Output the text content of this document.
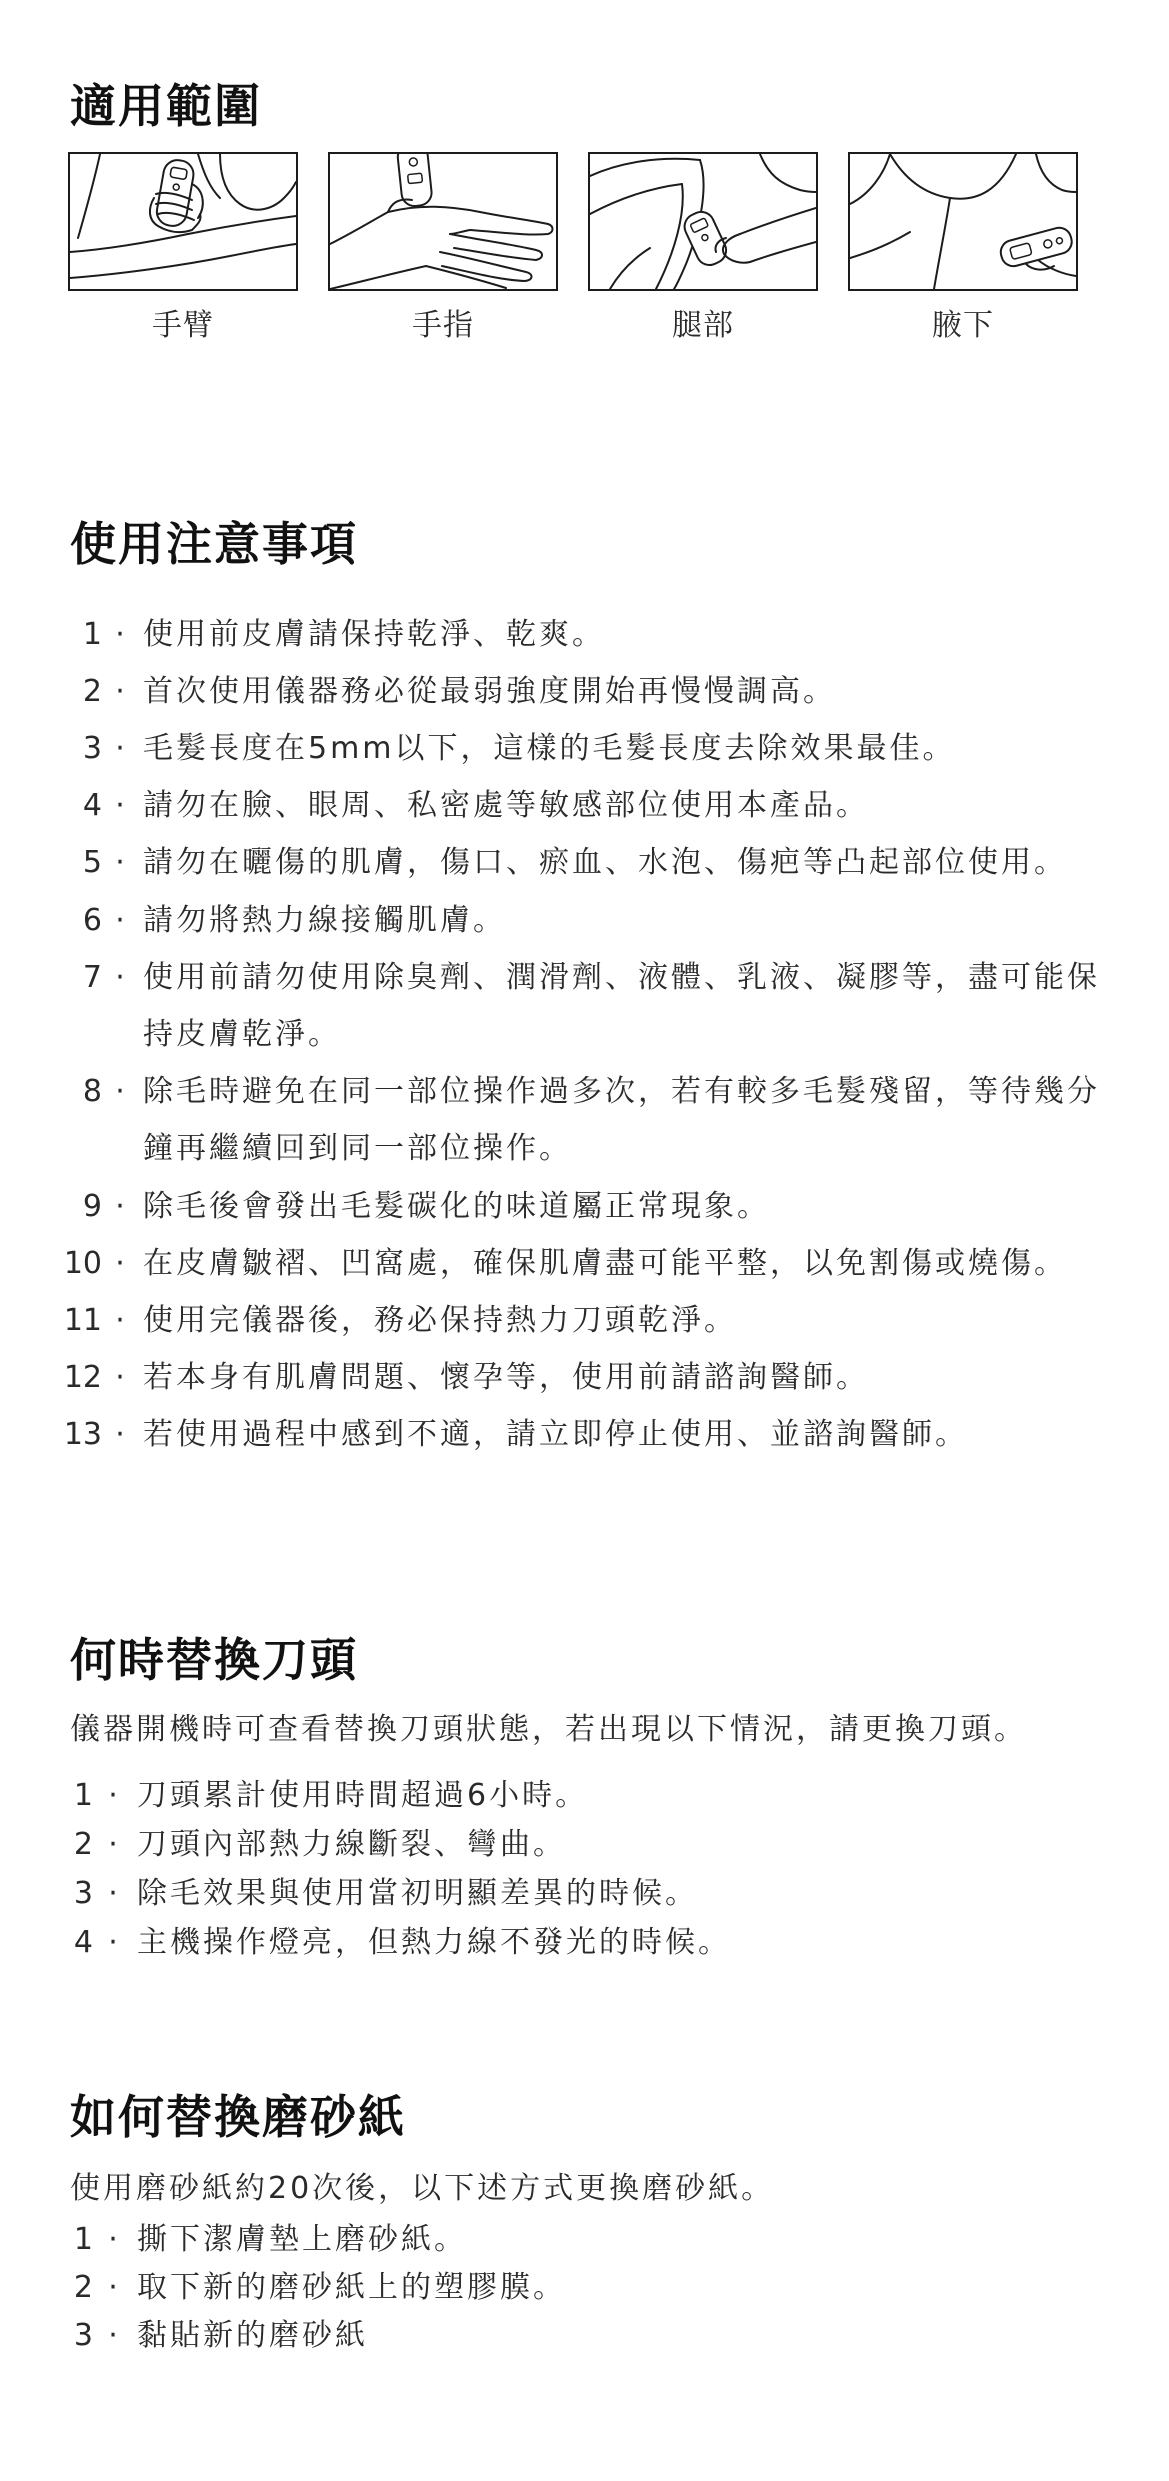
適用範圍
手臂	手指	腿部	腋下
使用注意事項
1 · 使用前皮膚請保持乾淨、乾爽。
2 · 首次使用儀器務必從最弱強度開始再慢慢調高。
3 · 毛髮長度在5mm以下，這樣的毛髮長度去除效果最佳。
4 · 請勿在臉、眼周、私密處等敏感部位使用本產品。
5 · 請勿在曬傷的肌膚，傷口、瘀血、水泡、傷疤等凸起部位使用。
6 · 請勿將熱力線接觸肌膚。
7 · 使用前請勿使用除臭劑、潤滑劑、液體、乳液、凝膠等，盡可能保持皮膚乾淨。
8 · 除毛時避免在同一部位操作過多次，若有較多毛髮殘留，等待幾分鐘再繼續回到同一部位操作。
9 · 除毛後會發出毛髮碳化的味道屬正常現象。
10 · 在皮膚皺褶、凹窩處，確保肌膚盡可能平整，以免割傷或燒傷。
11 · 使用完儀器後，務必保持熱力刀頭乾淨。
12 · 若本身有肌膚問題、懷孕等，使用前請諮詢醫師。
13 · 若使用過程中感到不適，請立即停止使用、並諮詢醫師。
何時替換刀頭
儀器開機時可查看替換刀頭狀態，若出現以下情況，請更換刀頭。
1 · 刀頭累計使用時間超過6小時。
2 · 刀頭內部熱力線斷裂、彎曲。
3 · 除毛效果與使用當初明顯差異的時候。
4 · 主機操作燈亮，但熱力線不發光的時候。
如何替換磨砂紙
使用磨砂紙約20次後，以下述方式更換磨砂紙。
1 · 撕下潔膚墊上磨砂紙。
2 · 取下新的磨砂紙上的塑膠膜。
3 · 黏貼新的磨砂紙
